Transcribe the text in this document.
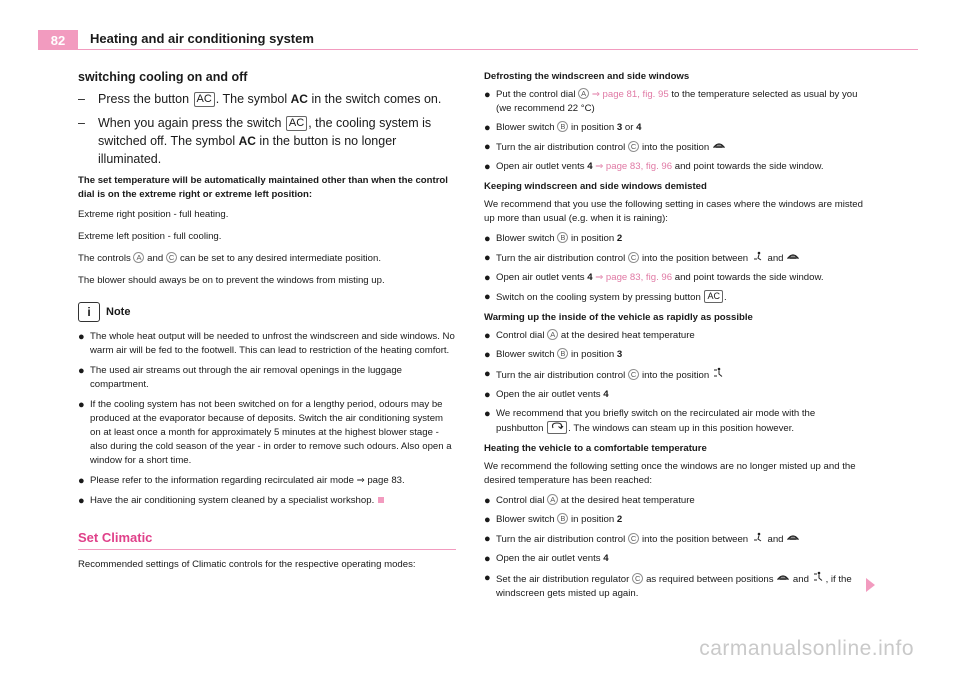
82	Heating and air conditioning system
switching cooling on and off
–	Press the button AC . The symbol AC in the switch comes on.
–	When you again press the switch AC , the cooling system is switched off. The symbol AC in the button is no longer illuminated.
The set temperature will be automatically maintained other than when the control dial is on the extreme right or extreme left position:

Extreme right position - full heating.

Extreme left position - full cooling.

The controls A and C can be set to any desired intermediate position.

The blower should aways be on to prevent the windows from misting up.

i	Note
● The whole heat output will be needed to unfrost the windscreen and side windows. No warm air will be fed to the footwell. This can lead to restriction of the heating comfort.
● The used air streams out through the air removal openings in the luggage compartment.
● If the cooling system has not been switched on for a lengthy period, odours may be produced at the evaporator because of deposits. Switch the air conditioning system on at least once a month for approximately 5 minutes at the highest blower stage - also during the cold season of the year - in order to remove such odours. Also open a window for a short time.
● Please refer to the information regarding recirculated air mode ⇒ page 83.
● Have the air conditioning system cleaned by a specialist workshop.
Set Climatic

Recommended settings of Climatic controls for the respective operating modes:

Defrosting the windscreen and side windows
● Put the control dial A ⇒ page 81, fig. 95 to the temperature selected as usual by you (we recommend 22 °C)
● Blower switch B in position 3 or 4
● Turn the air distribution control C into the position
● Open air outlet vents 4 ⇒ page 83, fig. 96 and point towards the side window.
Keeping windscreen and side windows demisted
We recommend that you use the following setting in cases where the windows are misted up more than usual (e.g. when it is raining):
● Blower switch B in position 2
● Turn the air distribution control C into the position between and
● Open air outlet vents 4 ⇒ page 83, fig. 96 and point towards the side window.
● Switch on the cooling system by pressing button AC .
Warming up the inside of the vehicle as rapidly as possible
● Control dial A at the desired heat temperature
● Blower switch B in position 3
● Turn the air distribution control C into the position
● Open the air outlet vents 4
● We recommend that you briefly switch on the recirculated air mode with the pushbutton	. The windows can steam up in this position however.
Heating the vehicle to a comfortable temperature
We recommend the following setting once the windows are no longer misted up and the desired temperature has been reached:
● Control dial A at the desired heat temperature
● Blower switch B in position 2
● Turn the air distribution control C into the position between and
● Open the air outlet vents 4
● Set the air distribution regulator C as required between positions and , if the windscreen gets misted up again.
carmanualsonline.info
